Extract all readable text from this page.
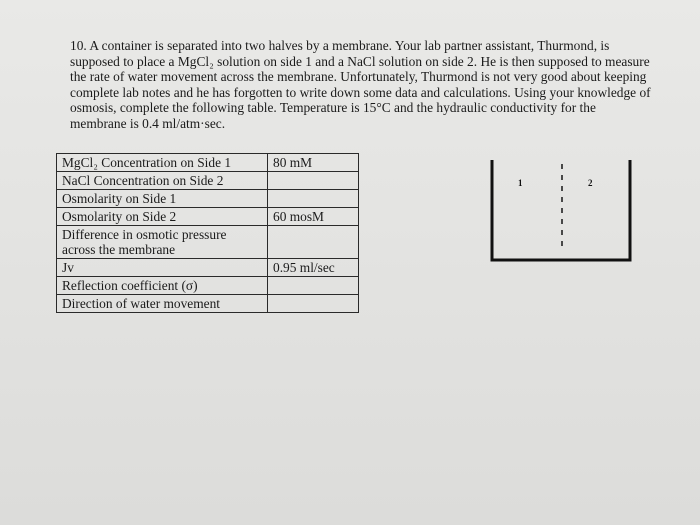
10. A container is separated into two halves by a membrane. Your lab partner assistant, Thurmond, is
supposed to place a MgCl₂ solution on side 1 and a NaCl solution on side 2. He is then supposed to measure
the rate of water movement across the membrane. Unfortunately, Thurmond is not very good about keeping
complete lab notes and he has forgotten to write down some data and calculations. Using your knowledge of
osmosis, complete the following table. Temperature is 15°C and the hydraulic conductivity for the
membrane is 0.4 ml/atm·sec.
MgCl₂ Concentration on Side 1	80 mM
NaCl Concentration on Side 2	
Osmolarity on Side 1	
Osmolarity on Side 2	60 mosM
Difference in osmotic pressure across the membrane	
Jv	0.95 ml/sec
Reflection coefficient (σ)	
Direction of water movement	
1	2
